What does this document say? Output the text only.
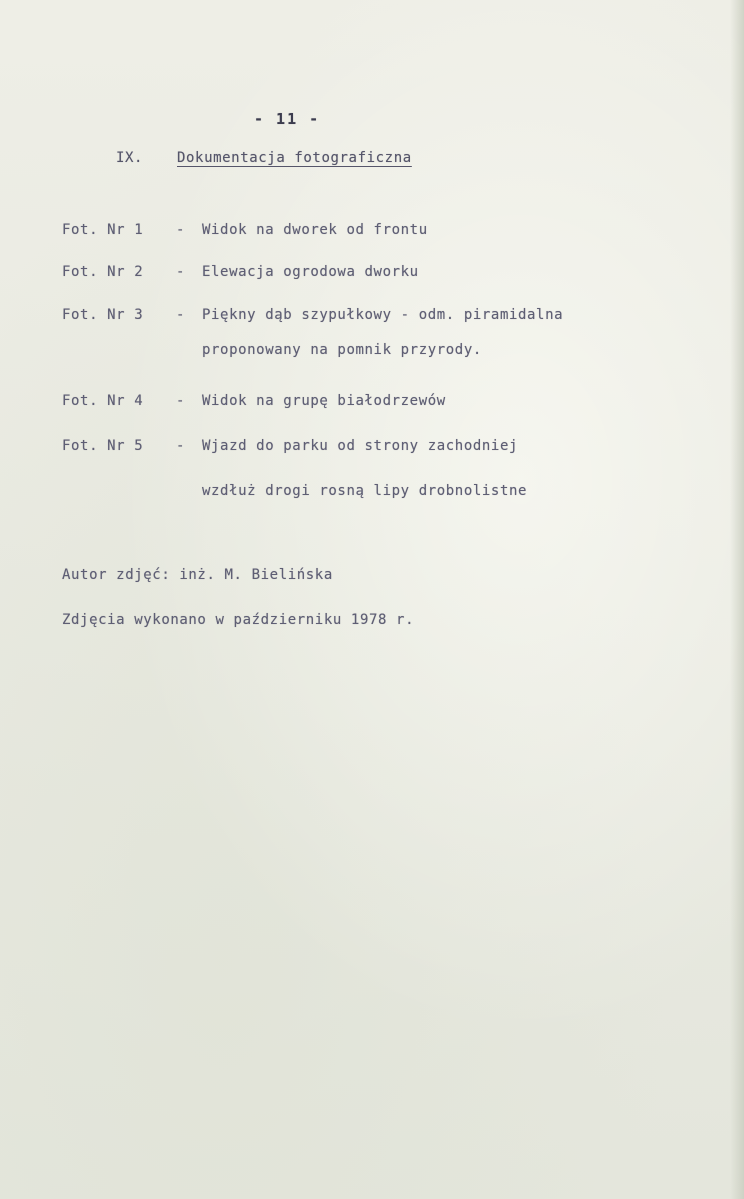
- 11 -
IX. Dokumentacja fotograficzna
Fot. Nr 1 - Widok na dworek od frontu
Fot. Nr 2 - Elewacja ogrodowa dworku
Fot. Nr 3 - Piękny dąb szypułkowy - odm. piramidalna
proponowany na pomnik przyrody.
Fot. Nr 4 - Widok na grupę białodrzewów
Fot. Nr 5 - Wjazd do parku od strony zachodniej
wzdłuż drogi rosną lipy drobnolistne
Autor zdjęć: inż. M. Bielińska
Zdjęcia wykonano w październiku 1978 r.
